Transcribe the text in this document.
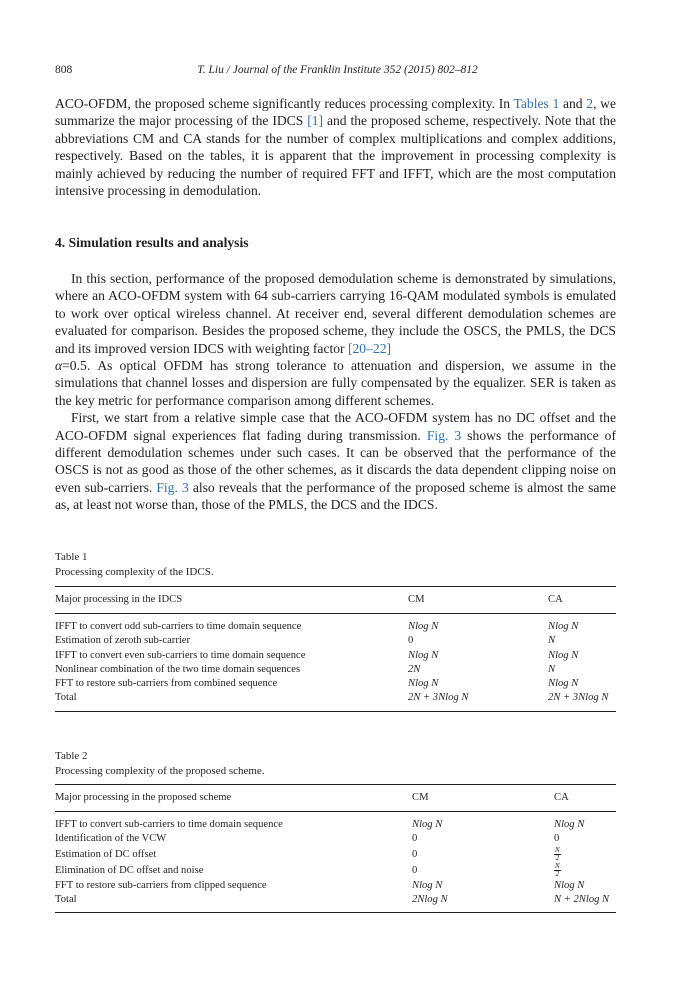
808	T. Liu / Journal of the Franklin Institute 352 (2015) 802–812

ACO-OFDM, the proposed scheme significantly reduces processing complexity. In Tables 1 and 2, we summarize the major processing of the IDCS [1] and the proposed scheme, respectively. Note that the abbreviations CM and CA stands for the number of complex multiplications and complex additions, respectively. Based on the tables, it is apparent that the improvement in processing complexity is mainly achieved by reducing the number of required FFT and IFFT, which are the most computation intensive processing in demodulation.

4. Simulation results and analysis

In this section, performance of the proposed demodulation scheme is demonstrated by simulations, where an ACO-OFDM system with 64 sub-carriers carrying 16-QAM modulated symbols is emulated to work over optical wireless channel. At receiver end, several different demodulation schemes are evaluated for comparison. Besides the proposed scheme, they include the OSCS, the PMLS, the DCS and its improved version IDCS with weighting factor [20–22]
α=0.5. As optical OFDM has strong tolerance to attenuation and dispersion, we assume in the simulations that channel losses and dispersion are fully compensated by the equalizer. SER is taken as the key metric for performance comparison among different schemes.

First, we start from a relative simple case that the ACO-OFDM system has no DC offset and the ACO-OFDM signal experiences flat fading during transmission. Fig. 3 shows the performance of different demodulation schemes under such cases. It can be observed that the performance of the OSCS is not as good as those of the other schemes, as it discards the data dependent clipping noise on even sub-carriers. Fig. 3 also reveals that the performance of the proposed scheme is almost the same as, at least not worse than, those of the PMLS, the DCS and the IDCS.

Table 1
Processing complexity of the IDCS.
Major processing in the IDCS	CM	CA
IFFT to convert odd sub-carriers to time domain sequence	Nlog N	Nlog N
Estimation of zeroth sub-carrier	0	N
IFFT to convert even sub-carriers to time domain sequence	Nlog N	Nlog N
Nonlinear combination of the two time domain sequences	2N	N
FFT to restore sub-carriers from combined sequence	Nlog N	Nlog N
Total	2N + 3Nlog N	2N + 3Nlog N
Table 2
Processing complexity of the proposed scheme.
Major processing in the proposed scheme	CM	CA
IFFT to convert sub-carriers to time domain sequence	Nlog N	Nlog N
Identification of the VCW	0	0
Estimation of DC offset	0	$\frac{N}{2}$
Elimination of DC offset and noise	0	$\frac{N}{2}$
FFT to restore sub-carriers from clipped sequence	Nlog N	Nlog N
Total	2Nlog N	N + 2Nlog N
